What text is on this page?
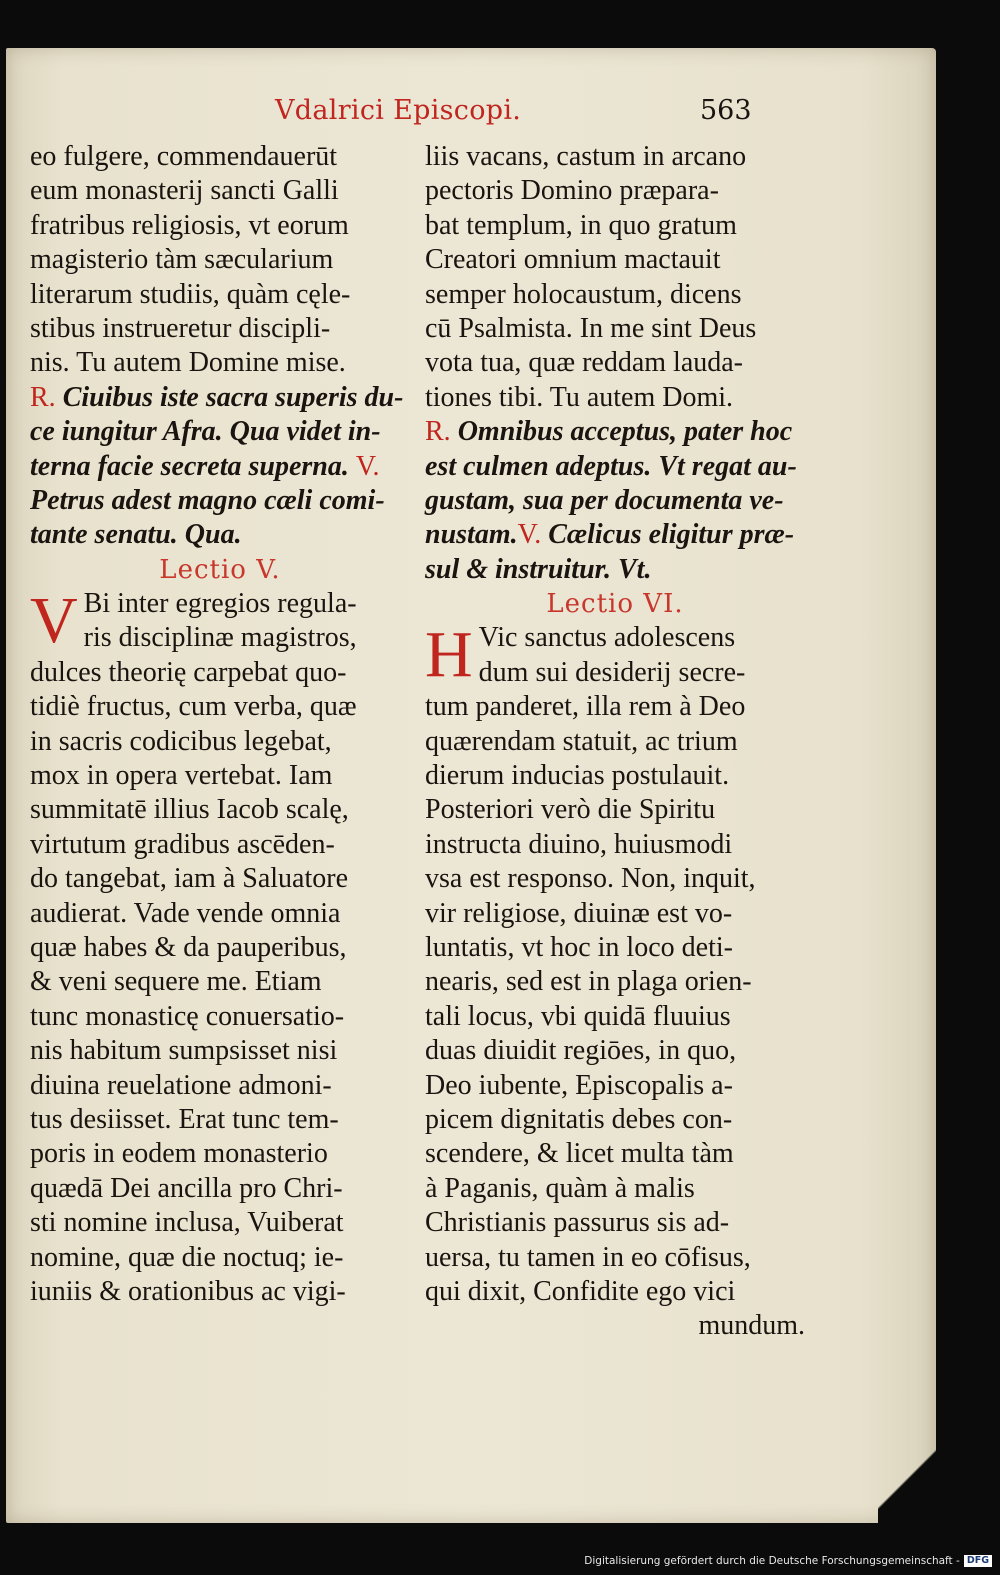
Vdalrici Episcopi.	563
eo fulgere, commendauerūt
eum monasterij sancti Galli
fratribus religiosis, vt eorum
magisterio tàm sæcularium
literarum studiis, quàm cęle-
stibus instrueretur discipli-
nis. Tu autem Domine mise.
R. Ciuibus iste sacra superis du-
ce iungitur Afra. Qua videt in-
terna facie secreta superna. V.
Petrus adest magno cæli comi-
tante senatu. Qua.
Lectio V.
V Bi inter egregios regula-
ris disciplinæ magistros,
dulces theorię carpebat quo-
tidiè fructus, cum verba, quæ
in sacris codicibus legebat,
mox in opera vertebat. Iam
summitatē illius Iacob scalę,
virtutum gradibus ascēden-
do tangebat, iam à Saluatore
audierat. Vade vende omnia
quæ habes & da pauperibus,
& veni sequere me. Etiam
tunc monasticę conuersatio-
nis habitum sumpsisset nisi
diuina reuelatione admoni-
tus desiisset. Erat tunc tem-
poris in eodem monasterio
quædā Dei ancilla pro Chri-
sti nomine inclusa, Vuiberat
nomine, quæ die noctuq; ie-
iuniis & orationibus ac vigi-
liis vacans, castum in arcano
pectoris Domino præpara-
bat templum, in quo gratum
Creatori omnium mactauit
semper holocaustum, dicens
cū Psalmista. In me sint Deus
vota tua, quæ reddam lauda-
tiones tibi. Tu autem Domi.
R. Omnibus acceptus, pater hoc
est culmen adeptus. Vt regat au-
gustam, sua per documenta ve-
nustam.V. Cælicus eligitur præ-
sul & instruitur. Vt.
Lectio VI.
H Vic sanctus adolescens
dum sui desiderij secre-
tum panderet, illa rem à Deo
quærendam statuit, ac trium
dierum inducias postulauit.
Posteriori verò die Spiritu
instructa diuino, huiusmodi
vsa est responso. Non, inquit,
vir religiose, diuinæ est vo-
luntatis, vt hoc in loco deti-
nearis, sed est in plaga orien-
tali locus, vbi quidā fluuius
duas diuidit regiōes, in quo,
Deo iubente, Episcopalis a-
picem dignitatis debes con-
scendere, & licet multa tàm
à Paganis, quàm à malis
Christianis passurus sis ad-
uersa, tu tamen in eo cōfisus,
qui dixit, Confidite ego vici
mundum.
Digitalisierung gefördert durch die Deutsche Forschungsgemeinschaft - DFG
